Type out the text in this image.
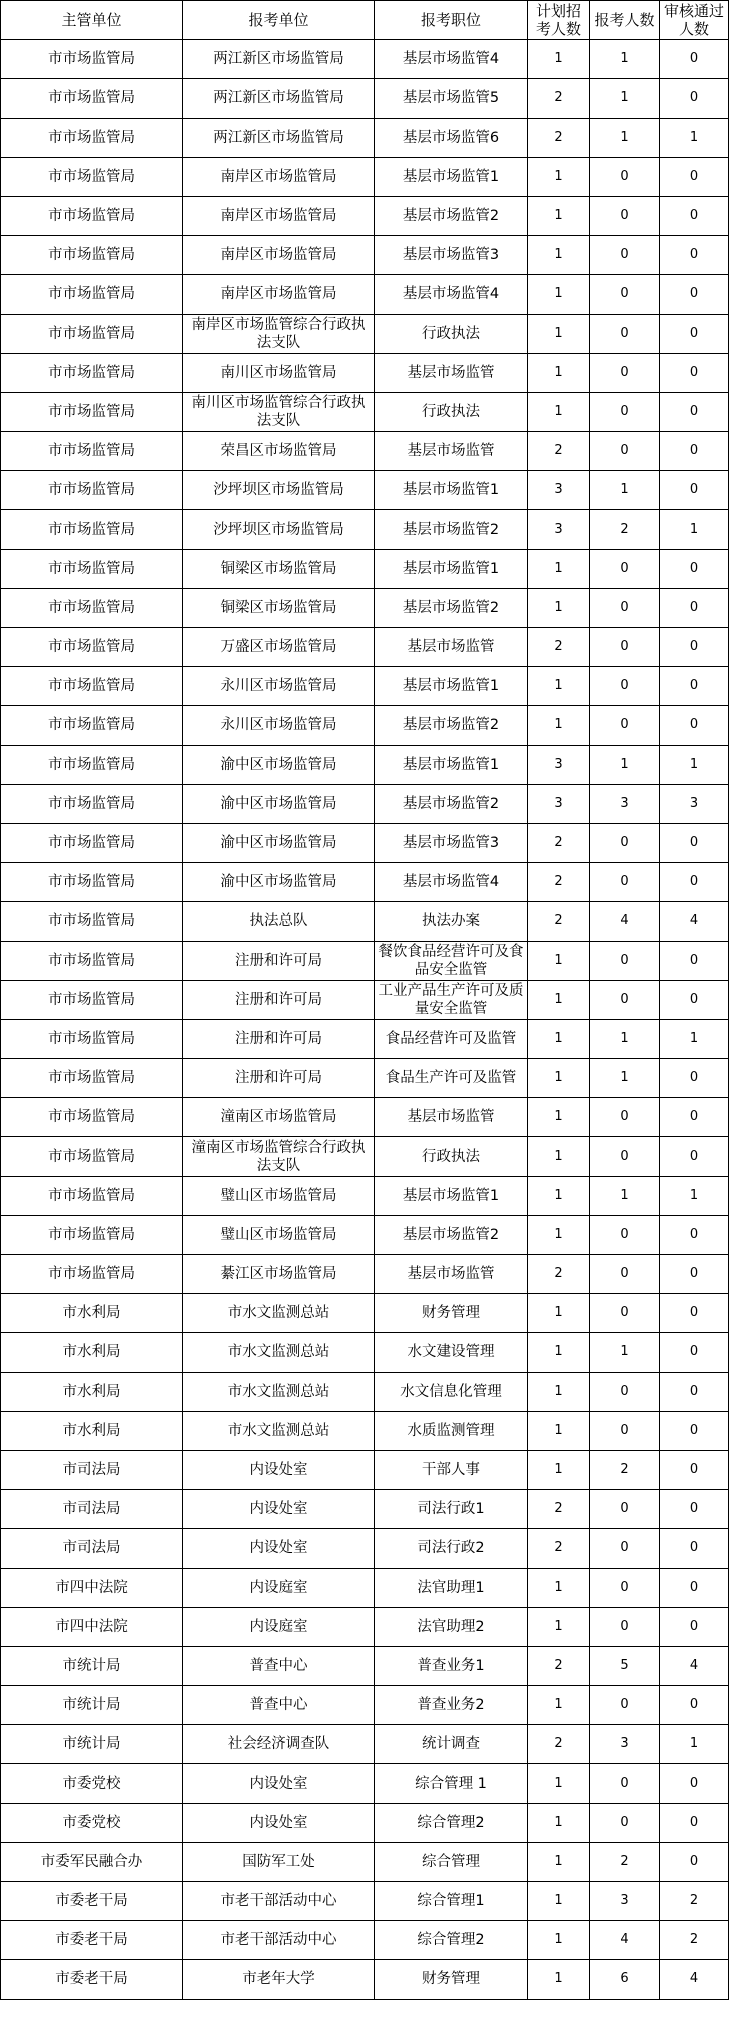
主管单位	报考单位	报考职位	计划招考人数	报考人数	审核通过人数
市市场监管局	两江新区市场监管局	基层市场监管4	1	1	0
市市场监管局	两江新区市场监管局	基层市场监管5	2	1	0
市市场监管局	两江新区市场监管局	基层市场监管6	2	1	1
市市场监管局	南岸区市场监管局	基层市场监管1	1	0	0
市市场监管局	南岸区市场监管局	基层市场监管2	1	0	0
市市场监管局	南岸区市场监管局	基层市场监管3	1	0	0
市市场监管局	南岸区市场监管局	基层市场监管4	1	0	0
市市场监管局	南岸区市场监管综合行政执法支队	行政执法	1	0	0
市市场监管局	南川区市场监管局	基层市场监管	1	0	0
市市场监管局	南川区市场监管综合行政执法支队	行政执法	1	0	0
市市场监管局	荣昌区市场监管局	基层市场监管	2	0	0
市市场监管局	沙坪坝区市场监管局	基层市场监管1	3	1	0
市市场监管局	沙坪坝区市场监管局	基层市场监管2	3	2	1
市市场监管局	铜梁区市场监管局	基层市场监管1	1	0	0
市市场监管局	铜梁区市场监管局	基层市场监管2	1	0	0
市市场监管局	万盛区市场监管局	基层市场监管	2	0	0
市市场监管局	永川区市场监管局	基层市场监管1	1	0	0
市市场监管局	永川区市场监管局	基层市场监管2	1	0	0
市市场监管局	渝中区市场监管局	基层市场监管1	3	1	1
市市场监管局	渝中区市场监管局	基层市场监管2	3	3	3
市市场监管局	渝中区市场监管局	基层市场监管3	2	0	0
市市场监管局	渝中区市场监管局	基层市场监管4	2	0	0
市市场监管局	执法总队	执法办案	2	4	4
市市场监管局	注册和许可局	餐饮食品经营许可及食品安全监管	1	0	0
市市场监管局	注册和许可局	工业产品生产许可及质量安全监管	1	0	0
市市场监管局	注册和许可局	食品经营许可及监管	1	1	1
市市场监管局	注册和许可局	食品生产许可及监管	1	1	0
市市场监管局	潼南区市场监管局	基层市场监管	1	0	0
市市场监管局	潼南区市场监管综合行政执法支队	行政执法	1	0	0
市市场监管局	璧山区市场监管局	基层市场监管1	1	1	1
市市场监管局	璧山区市场监管局	基层市场监管2	1	0	0
市市场监管局	綦江区市场监管局	基层市场监管	2	0	0
市水利局	市水文监测总站	财务管理	1	0	0
市水利局	市水文监测总站	水文建设管理	1	1	0
市水利局	市水文监测总站	水文信息化管理	1	0	0
市水利局	市水文监测总站	水质监测管理	1	0	0
市司法局	内设处室	干部人事	1	2	0
市司法局	内设处室	司法行政1	2	0	0
市司法局	内设处室	司法行政2	2	0	0
市四中法院	内设庭室	法官助理1	1	0	0
市四中法院	内设庭室	法官助理2	1	0	0
市统计局	普查中心	普查业务1	2	5	4
市统计局	普查中心	普查业务2	1	0	0
市统计局	社会经济调查队	统计调查	2	3	1
市委党校	内设处室	综合管理 1	1	0	0
市委党校	内设处室	综合管理2	1	0	0
市委军民融合办	国防军工处	综合管理	1	2	0
市委老干局	市老干部活动中心	综合管理1	1	3	2
市委老干局	市老干部活动中心	综合管理2	1	4	2
市委老干局	市老年大学	财务管理	1	6	4
